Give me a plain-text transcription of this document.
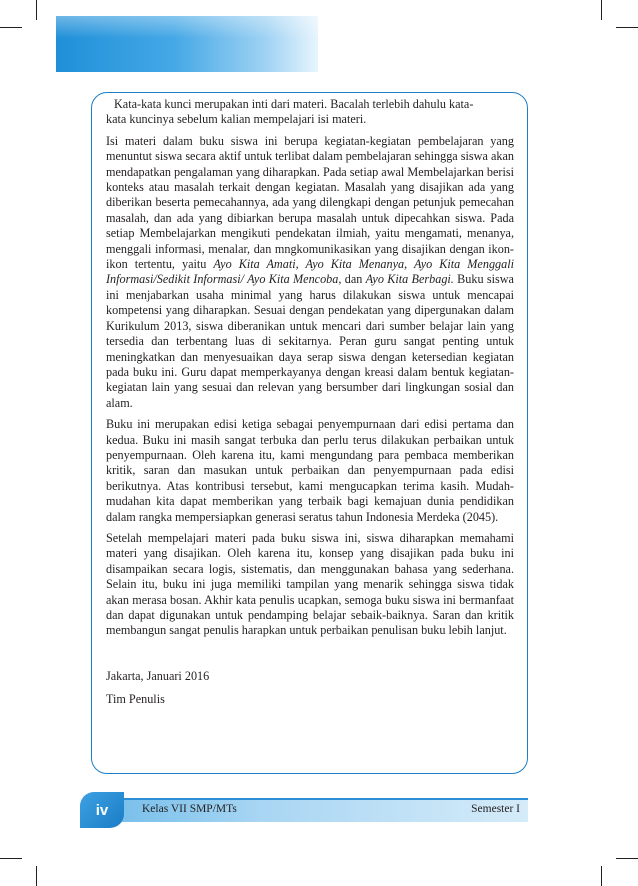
Kata-kata kunci merupakan inti dari materi. Bacalah terlebih dahulu kata-
kata kuncinya sebelum kalian mempelajari isi materi.

Isi materi dalam buku siswa ini berupa kegiatan-kegiatan pembelajaran yang menuntut siswa secara aktif untuk terlibat dalam pembelajaran sehingga siswa akan mendapatkan pengalaman yang diharapkan. Pada setiap awal Membelajarkan berisi konteks atau masalah terkait dengan kegiatan. Masalah yang disajikan ada yang diberikan beserta pemecahannya, ada yang dilengkapi dengan petunjuk pemecahan masalah, dan ada yang dibiarkan berupa masalah untuk dipecahkan siswa. Pada setiap Membelajarkan mengikuti pendekatan ilmiah, yaitu mengamati, menanya, menggali informasi, menalar, dan mngkomunikasikan yang disajikan dengan ikon-ikon tertentu, yaitu Ayo Kita Amati, Ayo Kita Menanya, Ayo Kita Menggali Informasi/Sedikit Informasi/ Ayo Kita Mencoba, dan Ayo Kita Berbagi. Buku siswa ini menjabarkan usaha minimal yang harus dilakukan siswa untuk mencapai kompetensi yang diharapkan. Sesuai dengan pendekatan yang dipergunakan dalam Kurikulum 2013, siswa diberanikan untuk mencari dari sumber belajar lain yang tersedia dan terbentang luas di sekitarnya. Peran guru sangat penting untuk meningkatkan dan menyesuaikan daya serap siswa dengan ketersedian kegiatan pada buku ini. Guru dapat memperkayanya dengan kreasi dalam bentuk kegiatan-kegiatan lain yang sesuai dan relevan yang bersumber dari lingkungan sosial dan alam.

Buku ini merupakan edisi ketiga sebagai penyempurnaan dari edisi pertama dan kedua. Buku ini masih sangat terbuka dan perlu terus dilakukan perbaikan untuk penyempurnaan. Oleh karena itu, kami mengundang para pembaca memberikan kritik, saran dan masukan untuk perbaikan dan penyempurnaan pada edisi berikutnya. Atas kontribusi tersebut, kami mengucapkan terima kasih. Mudah-mudahan kita dapat memberikan yang terbaik bagi kemajuan dunia pendidikan dalam rangka mempersiapkan generasi seratus tahun Indonesia Merdeka (2045).

Setelah mempelajari materi pada buku siswa ini, siswa diharapkan memahami materi yang disajikan. Oleh karena itu, konsep yang disajikan pada buku ini disampaikan secara logis, sistematis, dan menggunakan bahasa yang sederhana. Selain itu, buku ini juga memiliki tampilan yang menarik sehingga siswa tidak akan merasa bosan. Akhir kata penulis ucapkan, semoga buku siswa ini bermanfaat dan dapat digunakan untuk pendamping belajar sebaik-baiknya. Saran dan kritik membangun sangat penulis harapkan untuk perbaikan penulisan buku lebih lanjut.

Jakarta, Januari 2016

Tim Penulis

iv	Kelas VII SMP/MTs	Semester I
